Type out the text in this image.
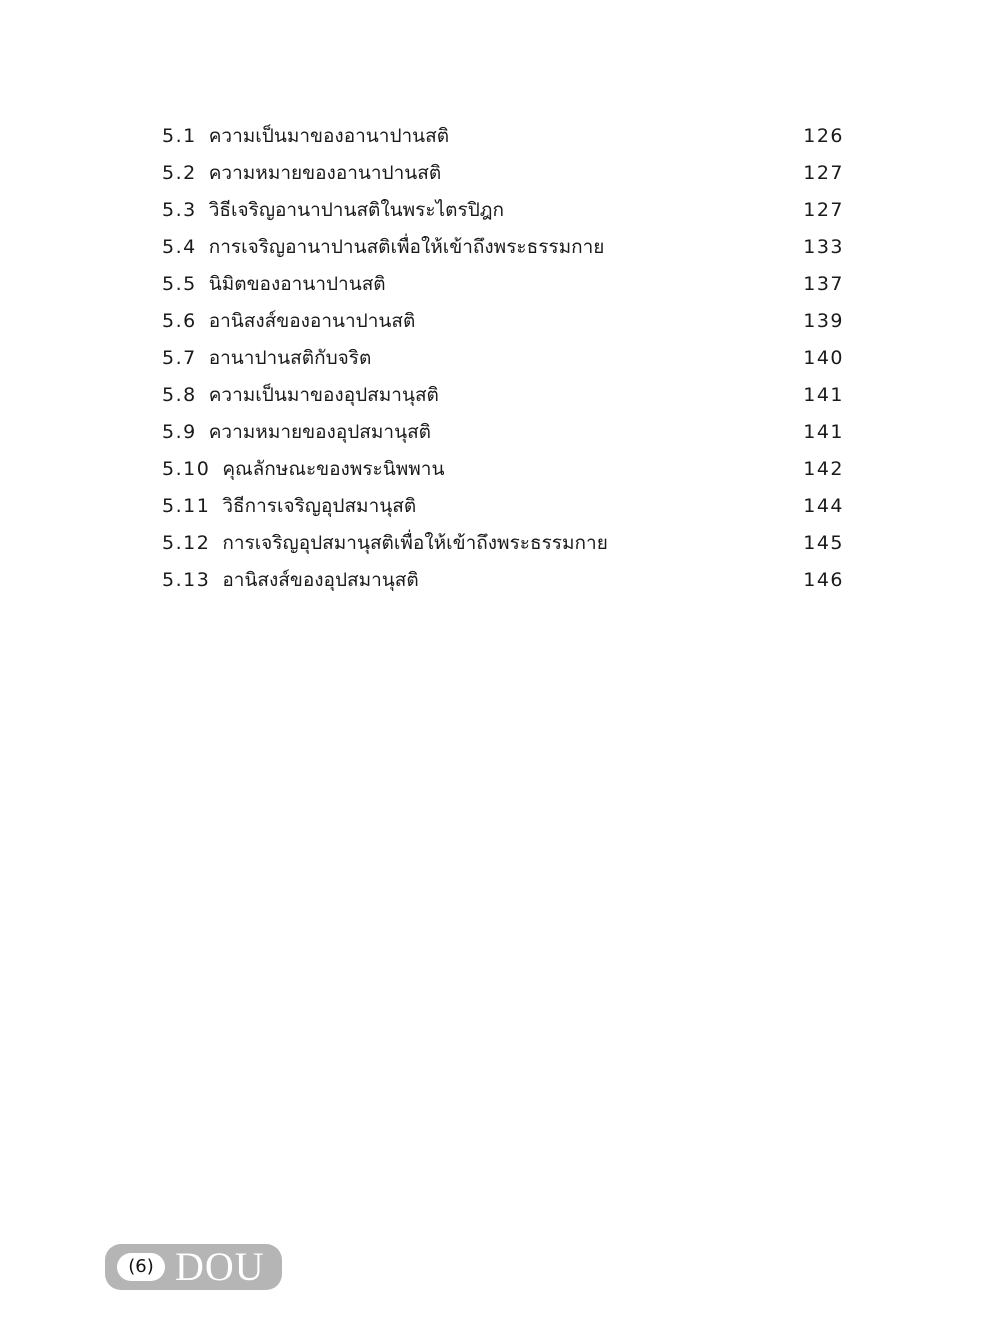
5.1 ความเป็นมาของอานาปานสติ	126
5.2 ความหมายของอานาปานสติ	127
5.3 วิธีเจริญอานาปานสติในพระไตรปิฎก	127
5.4 การเจริญอานาปานสติเพื่อให้เข้าถึงพระธรรมกาย	133
5.5 นิมิตของอานาปานสติ	137
5.6 อานิสงส์ของอานาปานสติ	139
5.7 อานาปานสติกับจริต	140
5.8 ความเป็นมาของอุปสมานุสติ	141
5.9 ความหมายของอุปสมานุสติ	141
5.10 คุณลักษณะของพระนิพพาน	142
5.11 วิธีการเจริญอุปสมานุสติ	144
5.12 การเจริญอุปสมานุสติเพื่อให้เข้าถึงพระธรรมกาย	145
5.13 อานิสงส์ของอุปสมานุสติ	146
(6) DOU
